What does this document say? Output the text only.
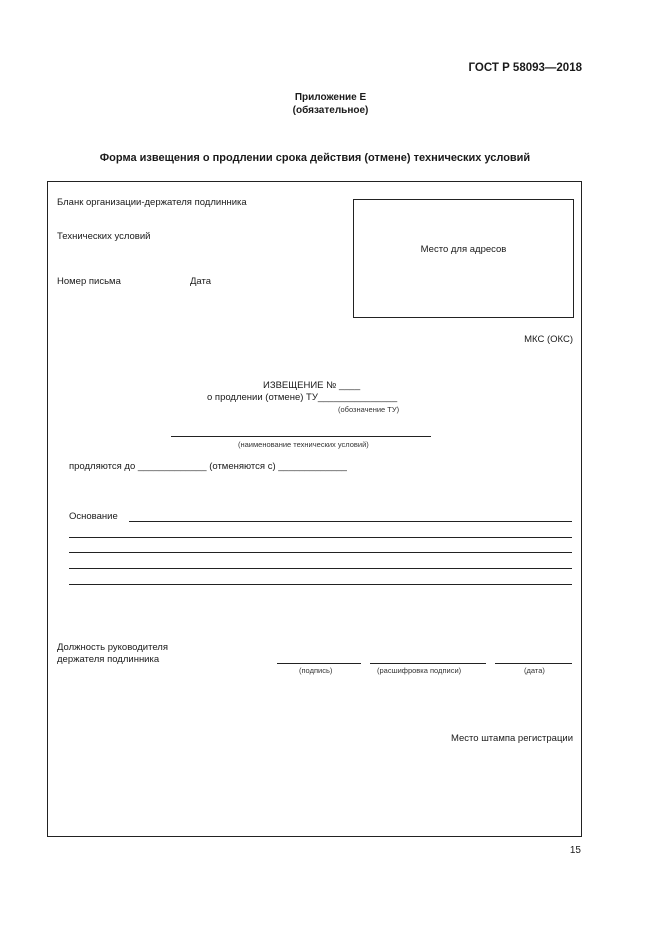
ГОСТ Р 58093—2018
Приложение Е
(обязательное)
Форма извещения о продлении срока действия (отмене) технических условий
Бланк организации-держателя подлинника
Технических условий
Номер письма	Дата
Место для адресов
МКС (ОКС)
ИЗВЕЩЕНИЕ № ____
о продлении (отмене) ТУ_______________
(обозначение ТУ)
(наименование технических условий)
продляются до _____________ (отменяются с) _____________
Основание
Должность руководителя
держателя подлинника
(подпись)	(расшифровка подписи)	(дата)
Место штампа регистрации
15
